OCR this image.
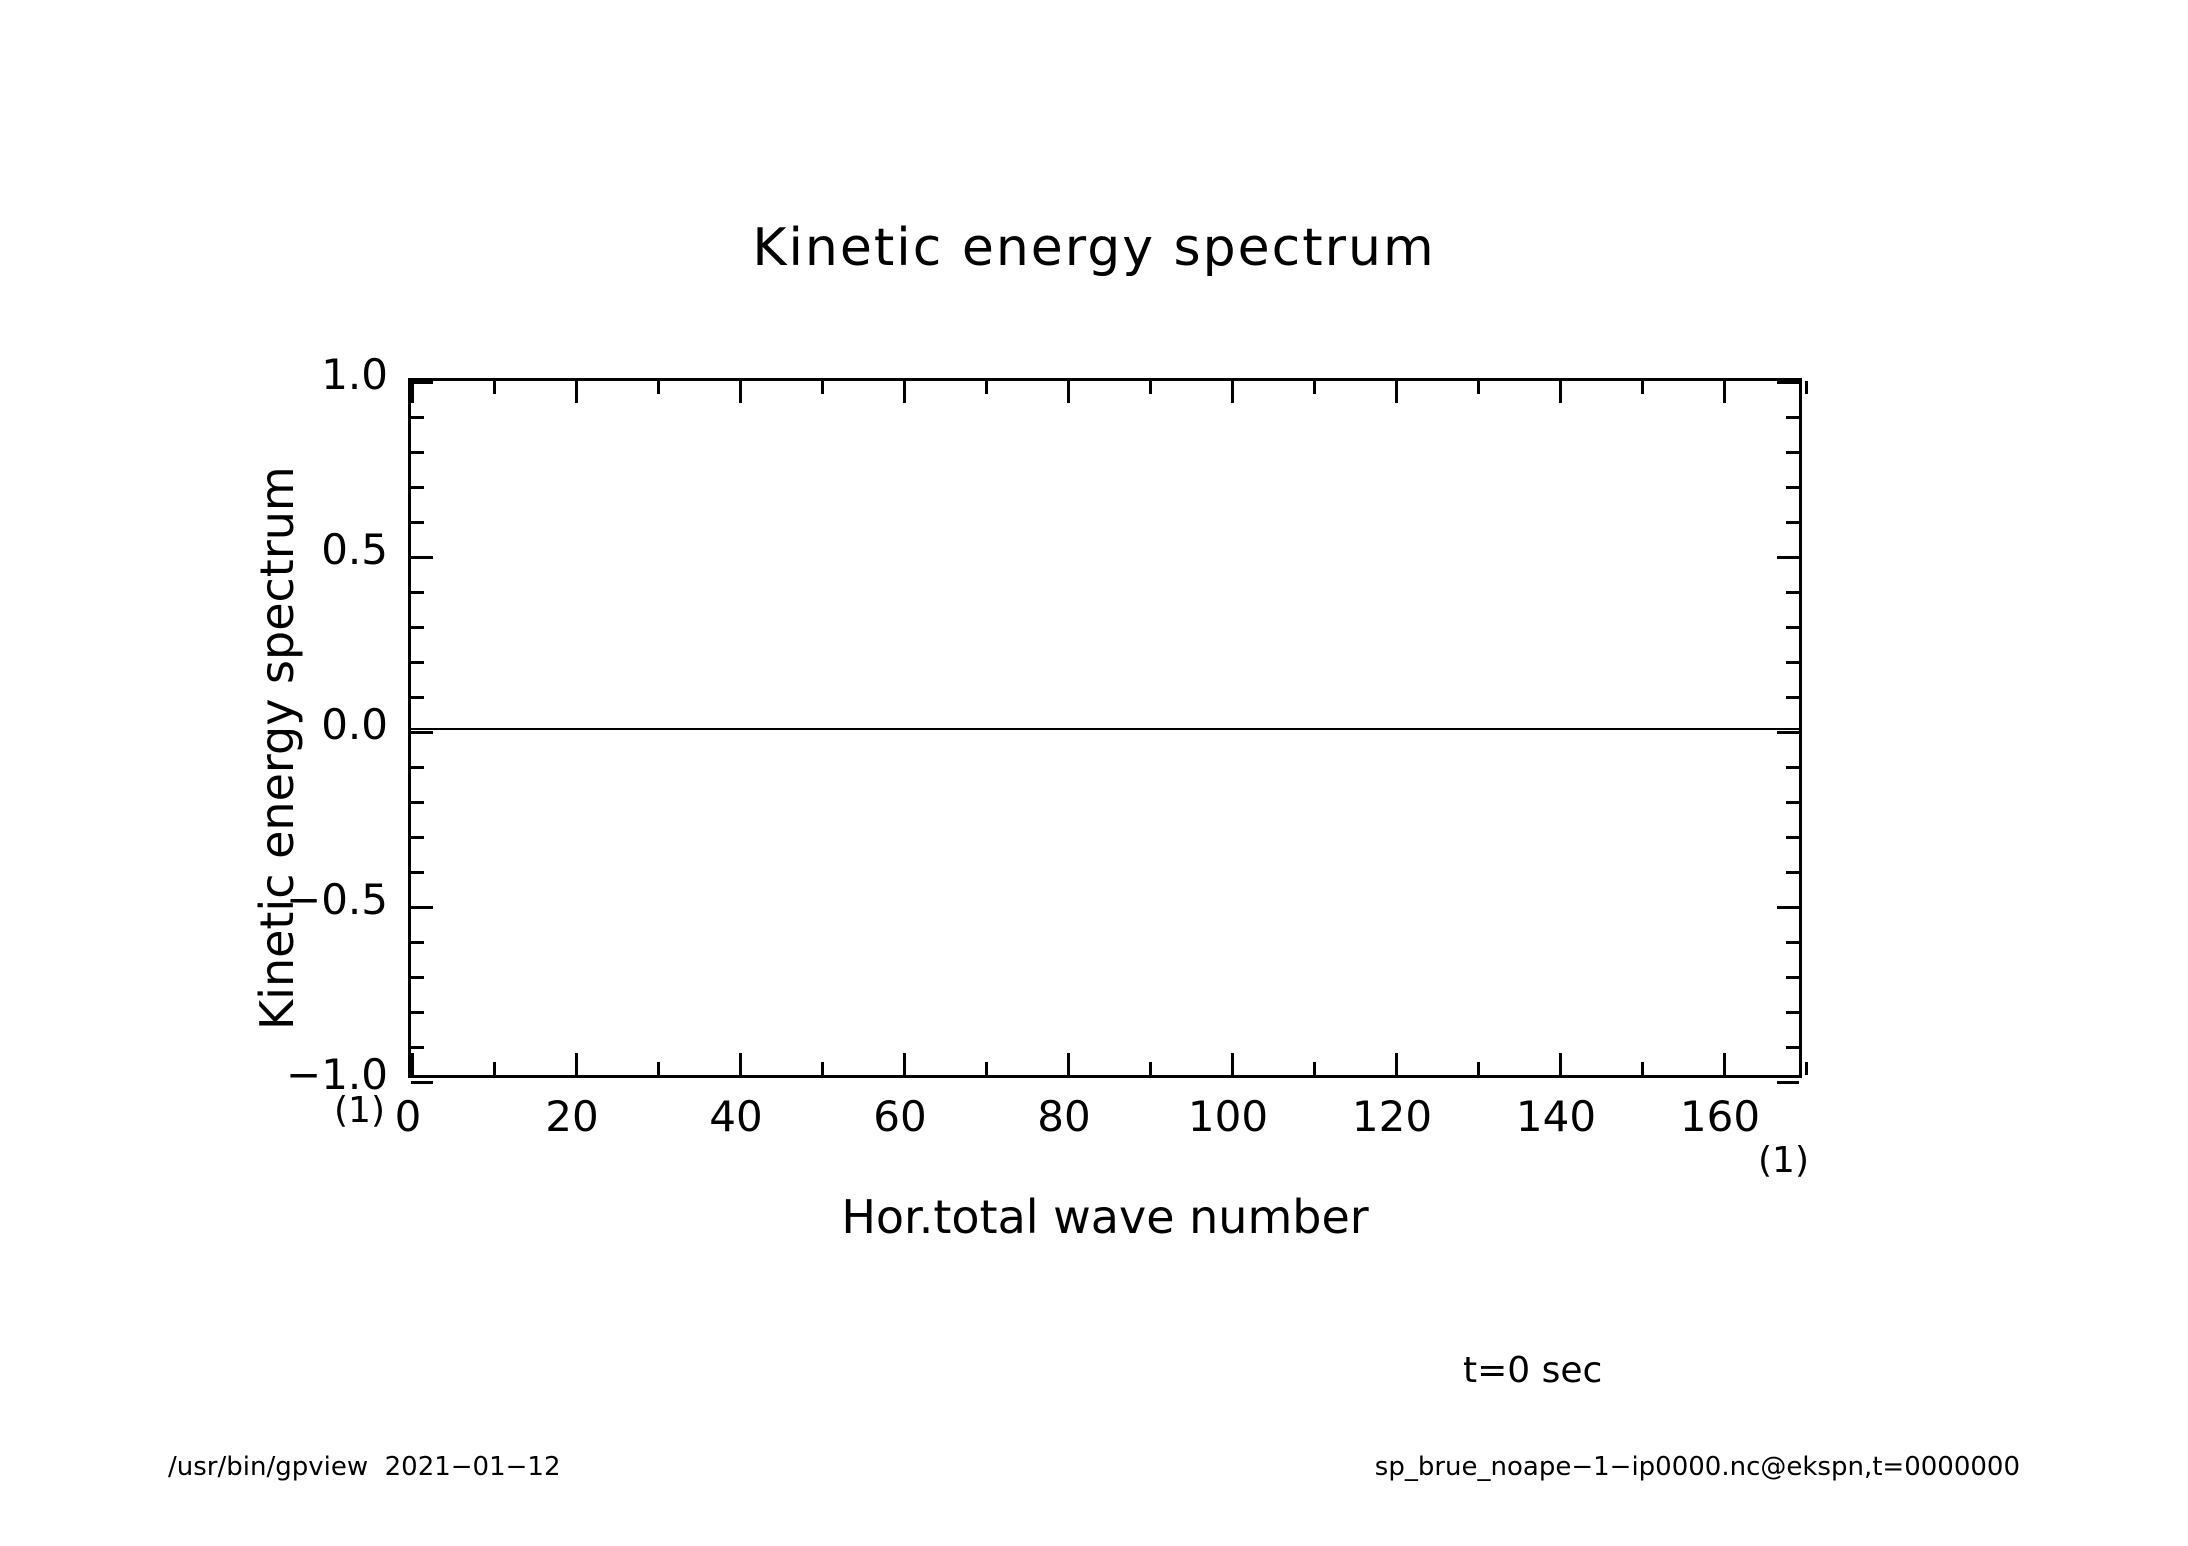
Kinetic energy spectrum
0	20	40	60	80	100	120	140	160
−1.0
−0.5
0.0
0.5
1.0
Hor.total wave number
Kinetic energy spectrum
(1)
(1)
t=0 sec
/usr/bin/gpview  2021−01−12	sp_brue_noape−1−ip0000.nc@ekspn,t=0000000
